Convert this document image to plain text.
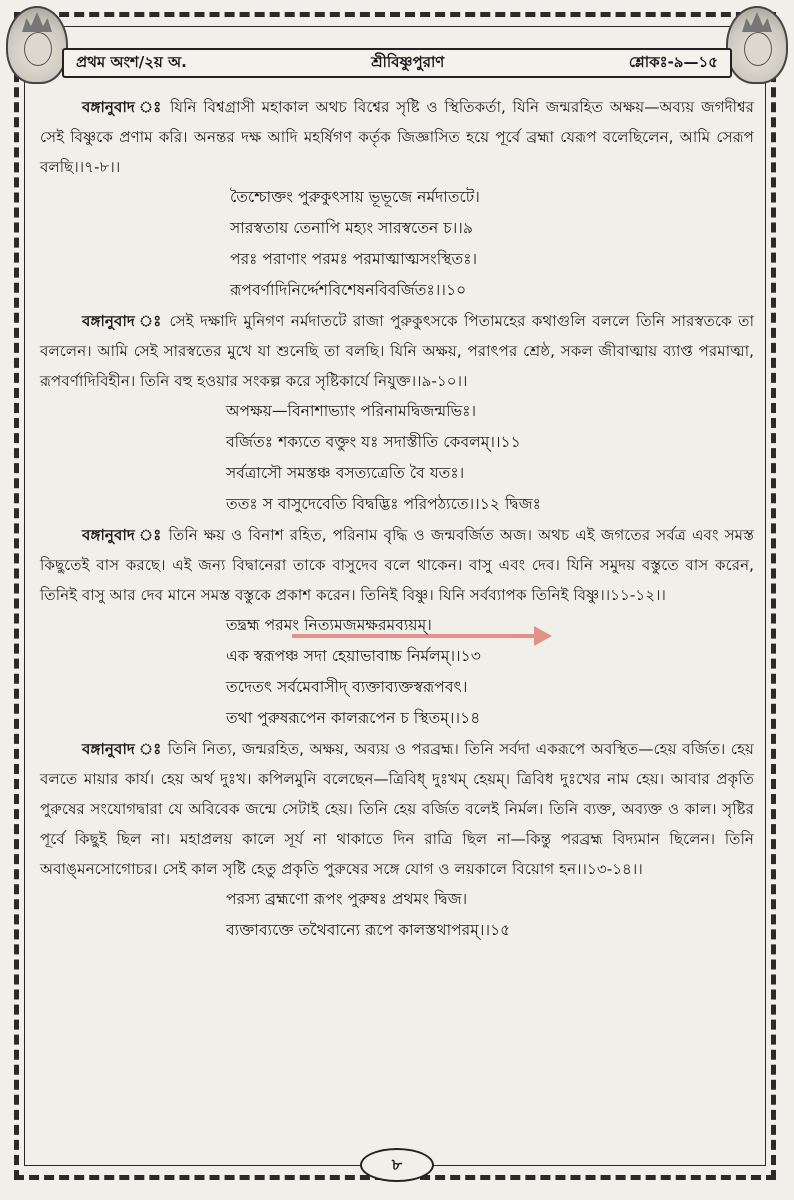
প্রথম অংশ/২য় অ.	শ্রীবিষ্ণুপুরাণ	শ্লোকঃ-৯—১৫

বঙ্গানুবাদ ঃ যিনি বিশ্বগ্রাসী মহাকাল অথচ বিশ্বের সৃষ্টি ও স্থিতিকর্তা, যিনি জন্মরহিত অক্ষয়—অব্যয় জগদীশ্বর সেই বিষ্ণুকে প্রণাম করি। অনন্তর দক্ষ আদি মহর্ষিগণ কর্তৃক জিজ্ঞাসিত হয়ে পূর্বে ব্রহ্মা যেরূপ বলেছিলেন, আমি সেরূপ বলছি।।৭-৮।।

তৈশ্চোক্তং পুরুকুৎসায় ভূভূজে নর্মদাতটে।
সারস্বতায় তেনাপি মহ্যং সারস্বতেন চ।।৯
পরঃ পরাণাং পরমঃ পরমাত্মাত্মসংস্থিতঃ।
রূপবর্ণাদিনির্দ্দেশবিশেষনবিবর্জিতঃ।।১০

বঙ্গানুবাদ ঃ সেই দক্ষাদি মুনিগণ নর্মদাতটে রাজা পুরুকুৎসকে পিতামহের কথাগুলি বললে তিনি সারস্বতকে তা বললেন। আমি সেই সারস্বতের মুখে যা শুনেছি তা বলছি। যিনি অক্ষয়, পরাৎপর শ্রেষ্ঠ, সকল জীবাত্মায় ব্যাপ্ত পরমাত্মা, রূপবর্ণাদিবিহীন। তিনি বহু হওয়ার সংকল্প করে সৃষ্টিকার্যে নিযুক্ত।।৯-১০।।

অপক্ষয়—বিনাশাভ্যাং পরিনামদ্বিজন্মভিঃ।
বর্জিতঃ শক্যতে বক্তুং যঃ সদাস্তীতি কেবলম্।।১১
সর্বত্রাসৌ সমস্তঞ্চ বসত্যত্রেতি বৈ যতঃ।
ততঃ স বাসুদেবেতি বিদ্বদ্ভিঃ পরিপঠ্যতে।।১২ দ্বিজঃ

বঙ্গানুবাদ ঃ তিনি ক্ষয় ও বিনাশ রহিত, পরিনাম বৃদ্ধি ও জন্মবর্জিত অজ। অথচ এই জগতের সর্বত্র এবং সমস্ত কিছুতেই বাস করছে। এই জন্য বিদ্বানেরা তাকে বাসুদেব বলে থাকেন। বাসু এবং দেব। যিনি সমুদয় বস্তুতে বাস করেন, তিনিই বাসু আর দেব মানে সমস্ত বস্তুকে প্রকাশ করেন। তিনিই বিষ্ণু। যিনি সর্বব্যাপক তিনিই বিষ্ণু।।১১-১২।।

তদ্ব্রহ্ম পরমং নিত্যমজমক্ষরমব্যয়ম্।
এক স্বরূপঞ্চ সদা হেয়াভাবাচ্চ নির্মলম্।।১৩
তদেতৎ সর্বমেবাসীদ্ ব্যক্তাব্যক্তস্বরূপবৎ।
তথা পুরুষরূপেন কালরূপেন চ স্থিতম্।।১৪

বঙ্গানুবাদ ঃ তিনি নিত্য, জন্মরহিত, অক্ষয়, অব্যয় ও পরব্রহ্ম। তিনি সর্বদা একরূপে অবস্থিত—হেয় বর্জিত। হেয় বলতে মায়ার কার্য। হেয় অর্থ দুঃখ। কপিলমুনি বলেছেন—ত্রিবিধ্ দুঃখম্ হেয়ম্। ত্রিবিধ দুঃখের নাম হেয়। আবার প্রকৃতি পুরুষের সংযোগদ্বারা যে অবিবেক জন্মে সেটাই হেয়। তিনি হেয় বর্জিত বলেই নির্মল। তিনি ব্যক্ত, অব্যক্ত ও কাল। সৃষ্টির পূর্বে কিছুই ছিল না। মহাপ্রলয় কালে সূর্য না থাকাতে দিন রাত্রি ছিল না—কিন্তু পরব্রহ্ম বিদ্যমান ছিলেন। তিনি অবাঙ্‌মনসোগোচর। সেই কাল সৃষ্টি হেতু প্রকৃতি পুরুষের সঙ্গে যোগ ও লয়কালে বিয়োগ হন।।১৩-১৪।।

পরস্য ব্রহ্মণো রূপং পুরুষঃ প্রথমং দ্বিজ।
ব্যক্তাব্যক্তে তথৈবান্যে রূপে কালস্তথাপরম্।।১৫
৮
